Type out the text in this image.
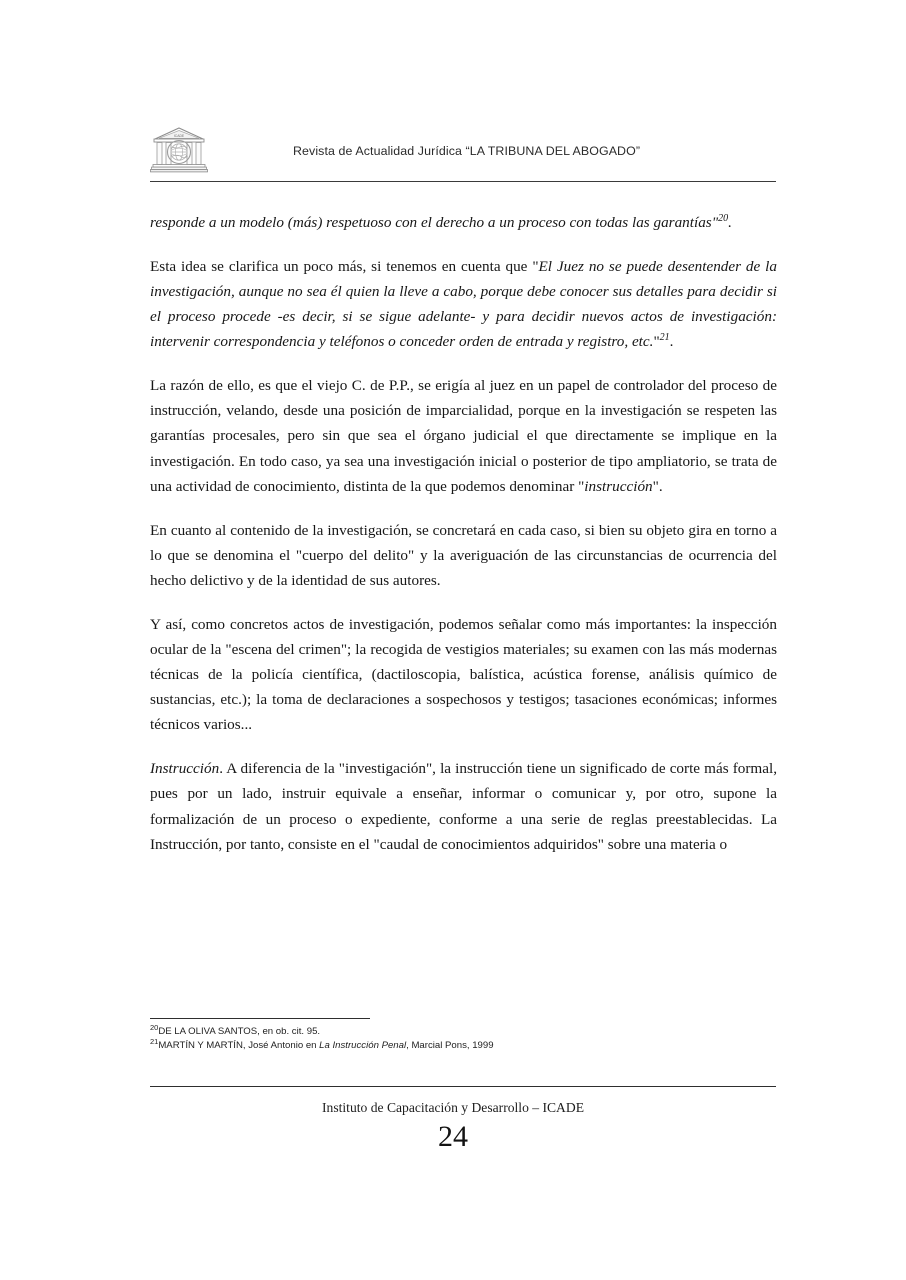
ICADE
Revista de Actualidad Jurídica “LA TRIBUNA DEL ABOGADO”

responde a un modelo (más) respetuoso con el derecho a un proceso con todas las garantías"$^{20}$.

Esta idea se clarifica un poco más, si tenemos en cuenta que "El Juez no se puede desentender de la investigación, aunque no sea él quien la lleve a cabo, porque debe conocer sus detalles para decidir si el proceso procede -es decir, si se sigue adelante- y para decidir nuevos actos de investigación: intervenir correspondencia y teléfonos o conceder orden de entrada y registro, etc."$^{21}$.

La razón de ello, es que el viejo C. de P.P., se erigía al juez en un papel de controlador del proceso de instrucción, velando, desde una posición de imparcialidad, porque en la investigación se respeten las garantías procesales, pero sin que sea el órgano judicial el que directamente se implique en la investigación. En todo caso, ya sea una investigación inicial o posterior de tipo ampliatorio, se trata de una actividad de conocimiento, distinta de la que podemos denominar "instrucción".

En cuanto al contenido de la investigación, se concretará en cada caso, si bien su objeto gira en torno a lo que se denomina el "cuerpo del delito" y la averiguación de las circunstancias de ocurrencia del hecho delictivo y de la identidad de sus autores.

Y así, como concretos actos de investigación, podemos señalar como más importantes: la inspección ocular de la "escena del crimen"; la recogida de vestigios materiales; su examen con las más modernas técnicas de la policía científica, (dactiloscopia, balística, acústica forense, análisis químico de sustancias, etc.); la toma de declaraciones a sospechosos y testigos; tasaciones económicas; informes técnicos varios...

Instrucción. A diferencia de la "investigación", la instrucción tiene un significado de corte más formal, pues por un lado, instruir equivale a enseñar, informar o comunicar y, por otro, supone la formalización de un proceso o expediente, conforme a una serie de reglas preestablecidas. La Instrucción, por tanto, consiste en el "caudal de conocimientos adquiridos" sobre una materia o

$^{20}$DE LA OLIVA SANTOS, en ob. cit. 95.
$^{21}$MARTÍN Y MARTÍN, José Antonio en La Instrucción Penal, Marcial Pons, 1999
Instituto de Capacitación y Desarrollo – ICADE
24
